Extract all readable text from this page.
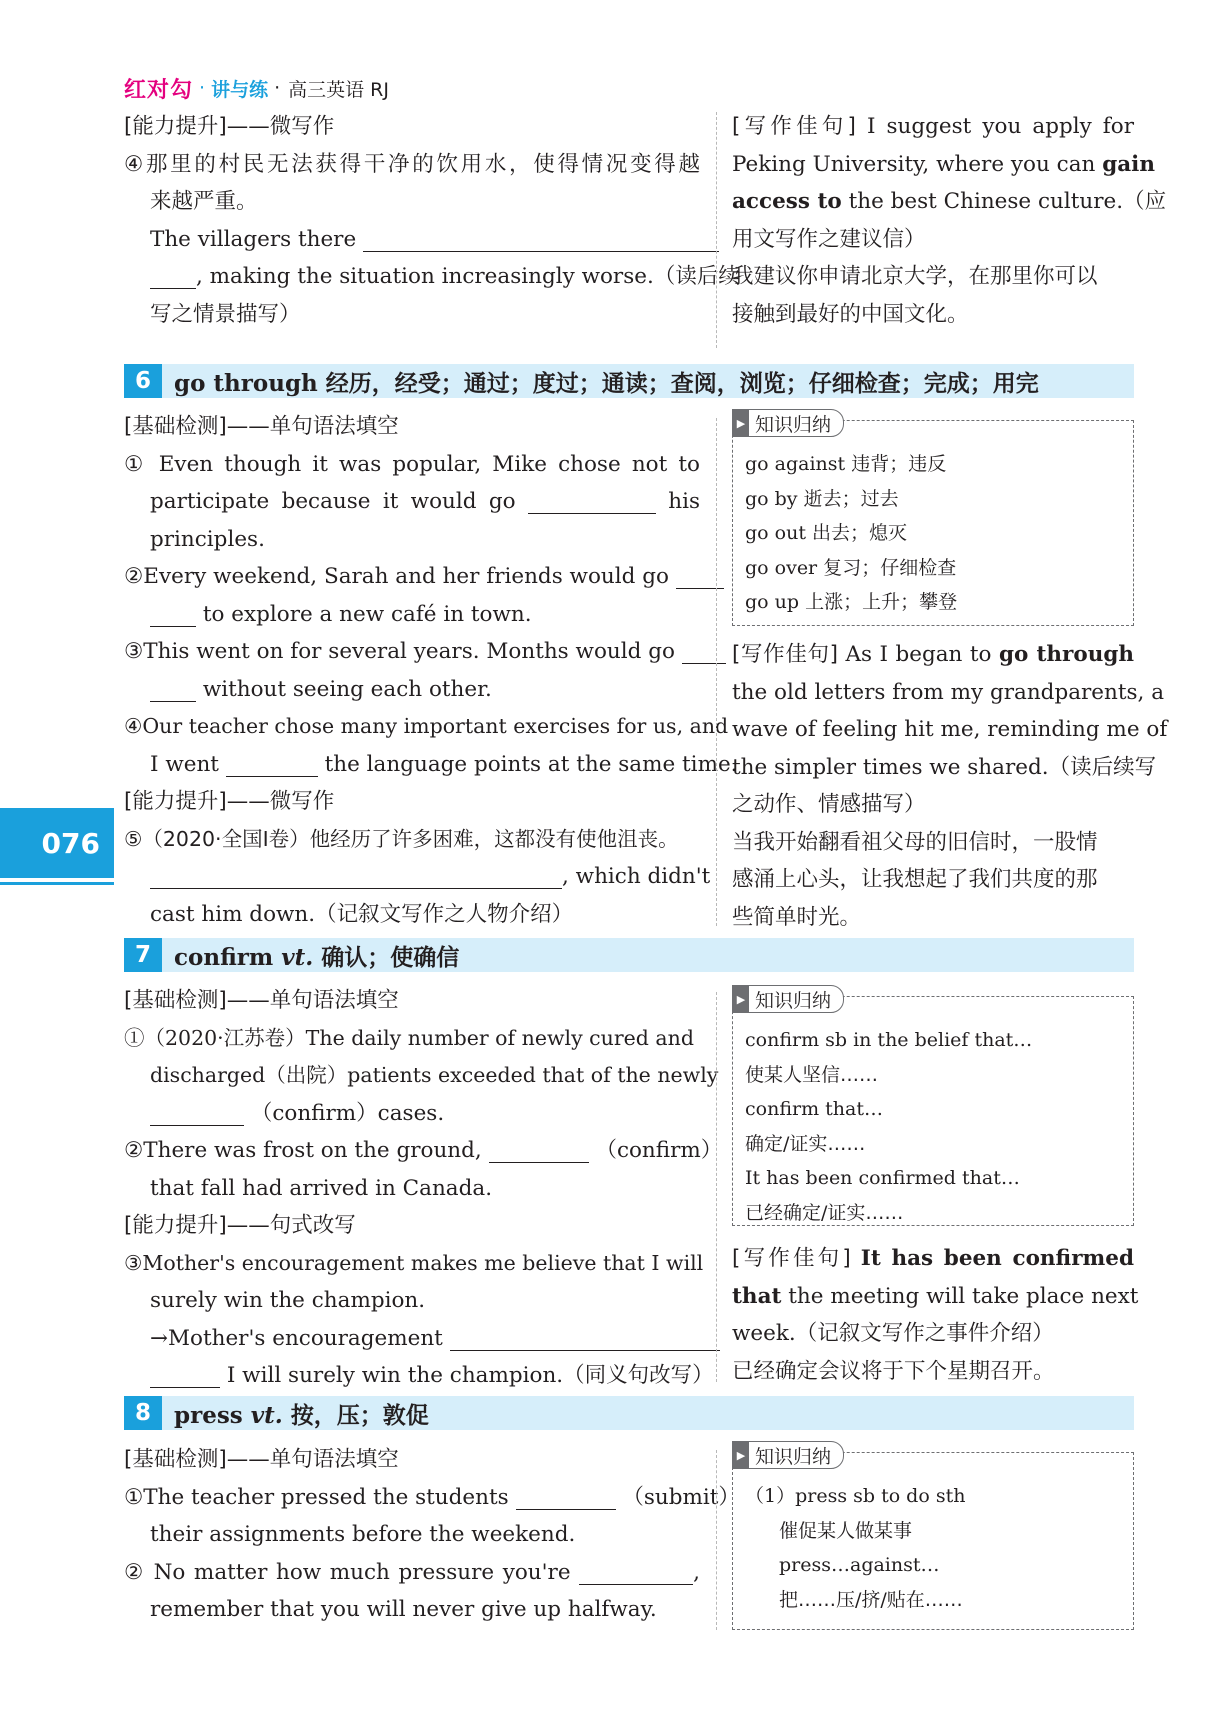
红对勾 · 讲与练 · 高三英语 RJ
076
[能力提升]——微写作
④那里的村民无法获得干净的饮用水，使得情况变得越
来越严重。
The villagers there
, making the situation increasingly worse.（读后续
写之情景描写）
[写作佳句] I suggest you apply for
Peking University, where you can gain
access to the best Chinese culture.（应
用文写作之建议信）
我建议你申请北京大学，在那里你可以
接触到最好的中国文化。
6	go through 经历，经受；通过；度过；通读；查阅，浏览；仔细检查；完成；用完
[基础检测]——单句语法填空
① Even though it was popular, Mike chose not to
participate because it would go	his
principles.
②Every weekend, Sarah and her friends would go
to explore a new café in town.
③This went on for several years. Months would go
without seeing each other.
④Our teacher chose many important exercises for us, and
I went	the language points at the same time.
[能力提升]——微写作
⑤（2020·全国Ⅰ卷）他经历了许多困难，这都没有使他沮丧。
, which didn't
cast him down.（记叙文写作之人物介绍）
▶ 知识归纳
go against 违背；违反
go by 逝去；过去
go out 出去；熄灭
go over 复习；仔细检查
go up 上涨；上升；攀登
[写作佳句] As I began to go through
the old letters from my grandparents, a
wave of feeling hit me, reminding me of
the simpler times we shared.（读后续写
之动作、情感描写）
当我开始翻看祖父母的旧信时，一股情
感涌上心头，让我想起了我们共度的那
些简单时光。
7	confirm vt. 确认；使确信
[基础检测]——单句语法填空
①（2020·江苏卷）The daily number of newly cured and
discharged（出院）patients exceeded that of the newly
（confirm）cases.
②There was frost on the ground,	（confirm）
that fall had arrived in Canada.
[能力提升]——句式改写
③Mother's encouragement makes me believe that I will
surely win the champion.
→Mother's encouragement
I will surely win the champion.（同义句改写）
▶ 知识归纳
confirm sb in the belief that…
使某人坚信……
confirm that…
确定/证实……
It has been confirmed that…
已经确定/证实……
[写作佳句] It has been confirmed
that the meeting will take place next
week.（记叙文写作之事件介绍）
已经确定会议将于下个星期召开。
8	press vt. 按，压；敦促
[基础检测]——单句语法填空
①The teacher pressed the students	（submit）
their assignments before the weekend.
② No matter how much pressure you're	,
remember that you will never give up halfway.
▶ 知识归纳
（1）press sb to do sth
催促某人做某事
press…against…
把……压/挤/贴在……
